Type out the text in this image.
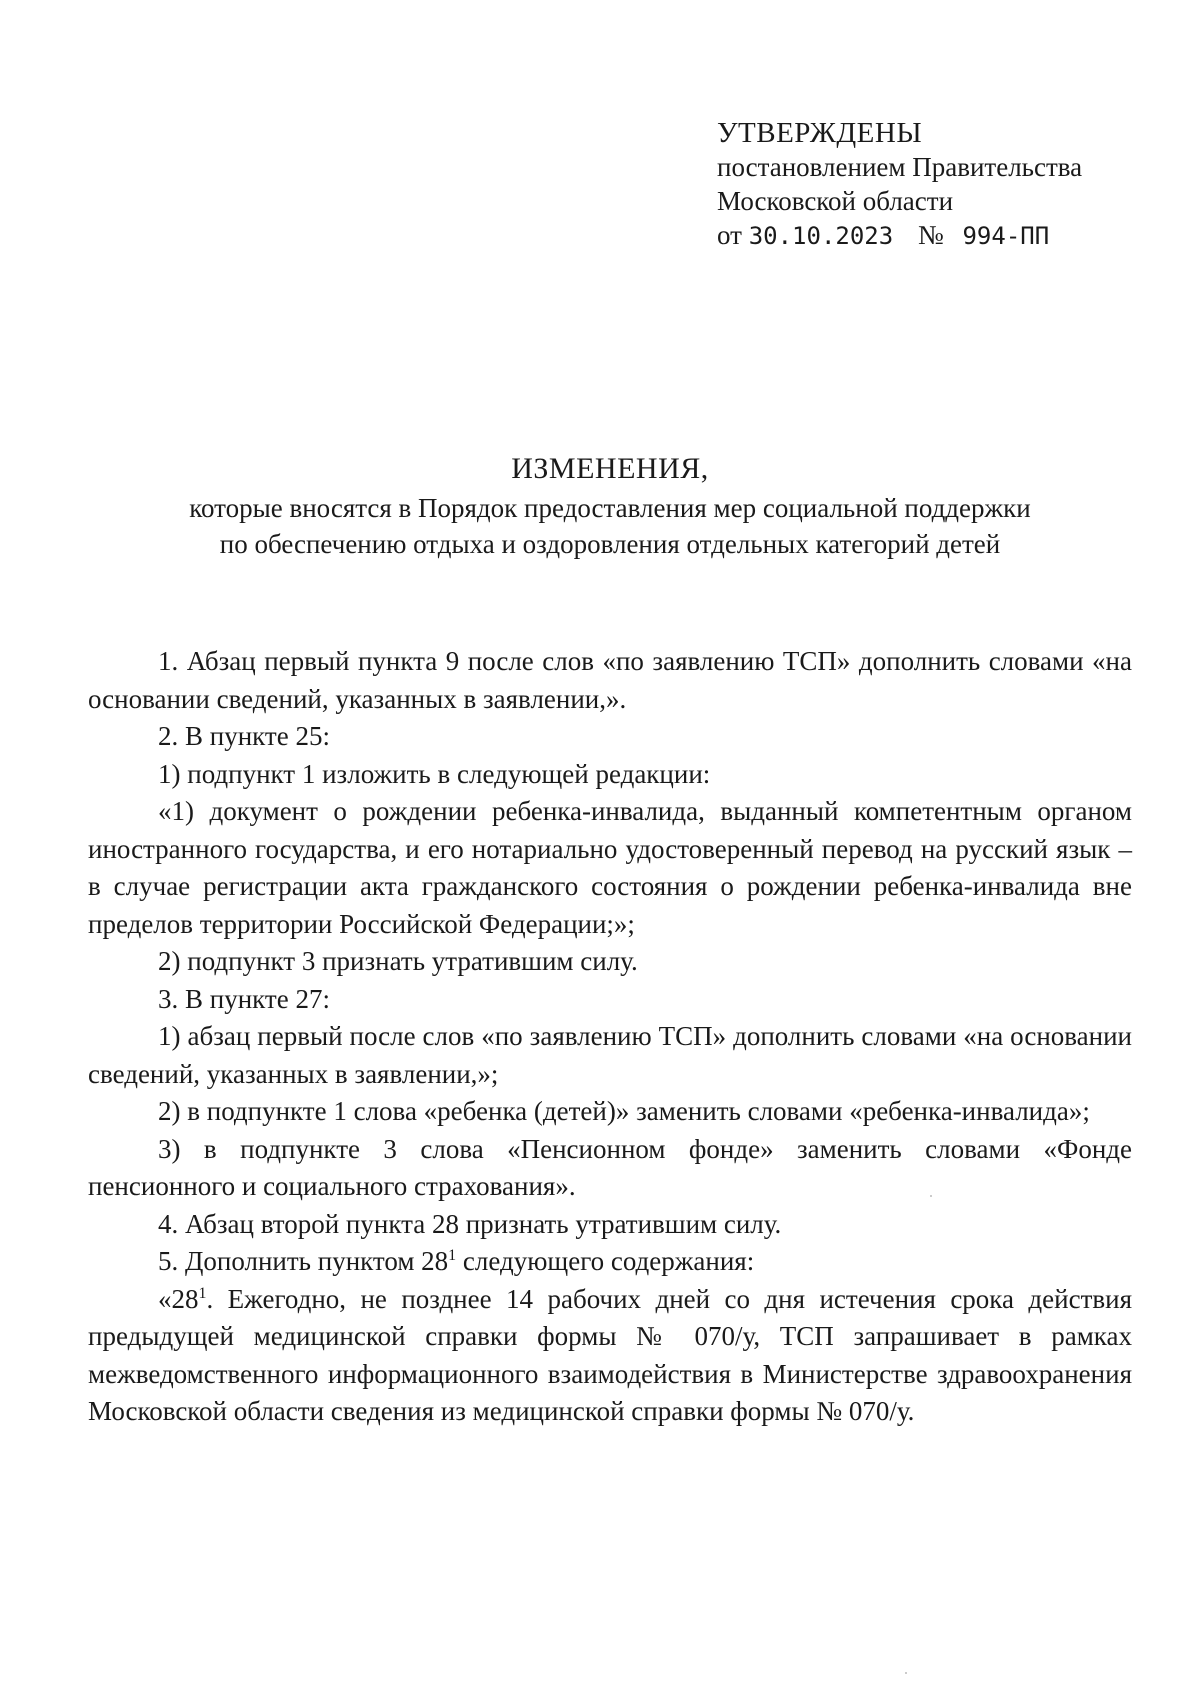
УТВЕРЖДЕНЫ
постановлением Правительства
Московской области
от 30.10.2023 № 994-ПП
ИЗМЕНЕНИЯ,
которые вносятся в Порядок предоставления мер социальной поддержки
по обеспечению отдыха и оздоровления отдельных категорий детей

1. Абзац первый пункта 9 после слов «по заявлению ТСП» дополнить словами «на основании сведений, указанных в заявлении,».

2. В пункте 25:

1) подпункт 1 изложить в следующей редакции:

«1) документ о рождении ребенка-инвалида, выданный компетентным органом иностранного государства, и его нотариально удостоверенный перевод на русский язык – в случае регистрации акта гражданского состояния о рождении ребенка-инвалида вне пределов территории Российской Федерации;»;

2) подпункт 3 признать утратившим силу.

3. В пункте 27:

1) абзац первый после слов «по заявлению ТСП» дополнить словами «на основании сведений, указанных в заявлении,»;

2) в подпункте 1 слова «ребенка (детей)» заменить словами «ребенка-инвалида»;

3) в подпункте 3 слова «Пенсионном фонде» заменить словами «Фонде пенсионного и социального страхования».

4. Абзац второй пункта 28 признать утратившим силу.

5. Дополнить пунктом $28^1$ следующего содержания:

«$28^1$. Ежегодно, не позднее 14 рабочих дней со дня истечения срока действия предыдущей медицинской справки формы № 070/у, ТСП запрашивает в рамках межведомственного информационного взаимодействия в Министерстве здравоохранения Московской области сведения из медицинской справки формы № 070/у.
